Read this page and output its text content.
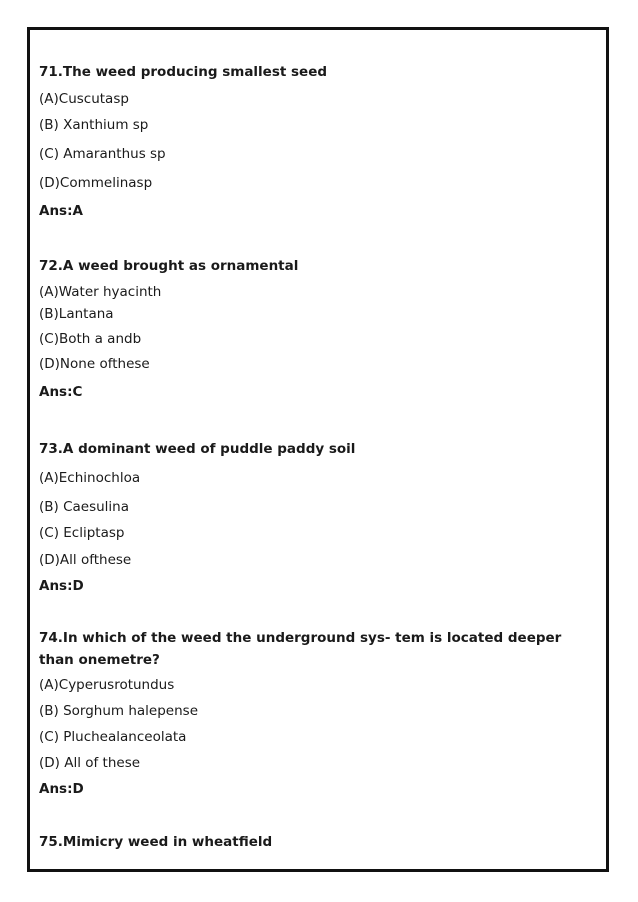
71.The weed producing smallest seed
(A)Cuscutasp
(B) Xanthium sp
(C) Amaranthus sp
(D)Commelinasp
Ans:A
72.A weed brought as ornamental
(A)Water hyacinth
(B)Lantana
(C)Both a andb
(D)None ofthese
Ans:C
73.A dominant weed of puddle paddy soil
(A)Echinochloa
(B) Caesulina
(C) Ecliptasp
(D)All ofthese
Ans:D
74.In which of the weed the underground sys- tem is located deeper than onemetre?
(A)Cyperusrotundus
(B) Sorghum halepense
(C) Pluchealanceolata
(D) All of these
Ans:D
75.Mimicry weed in wheatfield
